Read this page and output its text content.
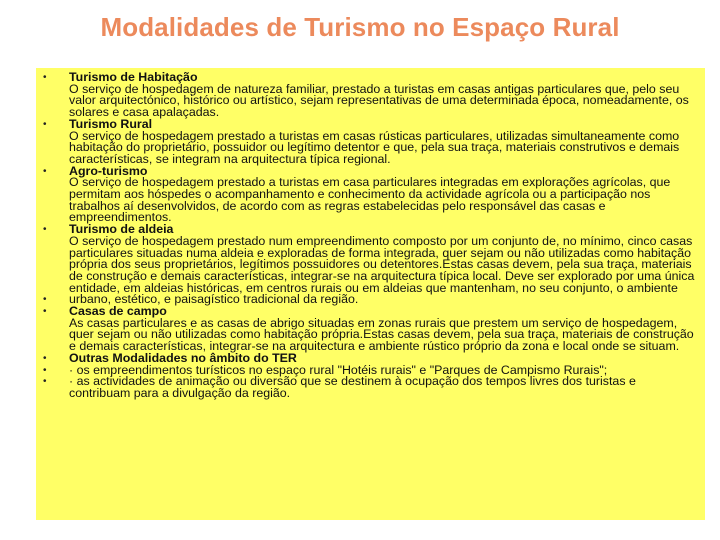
Modalidades de Turismo no Espaço Rural
• Turismo de Habitação
O serviço de hospedagem de natureza familiar, prestado a turistas em casas antigas particulares que, pelo seu valor arquitectónico, histórico ou artístico, sejam representativas de uma determinada época, nomeadamente, os solares e casa apalaçadas.
• Turismo Rural
O serviço de hospedagem prestado a turistas em casas rústicas particulares, utilizadas simultaneamente como habitação do proprietário, possuidor ou legítimo detentor e que, pela sua traça, materiais construtivos e demais características, se integram na arquitectura típica regional.
• Agro-turismo
O serviço de hospedagem prestado a turistas em casa particulares integradas em explorações agrícolas, que permitam aos hóspedes o acompanhamento e conhecimento da actividade agrícola ou a participação nos trabalhos aí desenvolvidos, de acordo com as regras estabelecidas pelo responsável das casas e empreendimentos.
• Turismo de aldeia
O serviço de hospedagem prestado num empreendimento composto por um conjunto de, no mínimo, cinco casas particulares situadas numa aldeia e exploradas de forma integrada, quer sejam ou não utilizadas como habitação própria dos seus proprietários, legítimos possuidores ou detentores.Estas casas devem, pela sua traça, materiais de construção e demais características, integrar-se na arquitectura típica local. Deve ser explorado por uma única entidade, em aldeias históricas, em centros rurais ou em aldeias que mantenham, no seu conjunto, o ambiente
• urbano, estético, e paisagístico tradicional da região.
• Casas de campo
As casas particulares e as casas de abrigo situadas em zonas rurais que prestem um serviço de hospedagem, quer sejam ou não utilizadas como habitação própria.Estas casas devem, pela sua traça, materiais de construção e demais características, integrar-se na arquitectura e ambiente rústico próprio da zona e local onde se situam.
• Outras Modalidades no âmbito do TER
• · os empreendimentos turísticos no espaço rural "Hotéis rurais" e "Parques de Campismo Rurais";
• · as actividades de animação ou diversão que se destinem à ocupação dos tempos livres dos turistas e contribuam para a divulgação da região.
